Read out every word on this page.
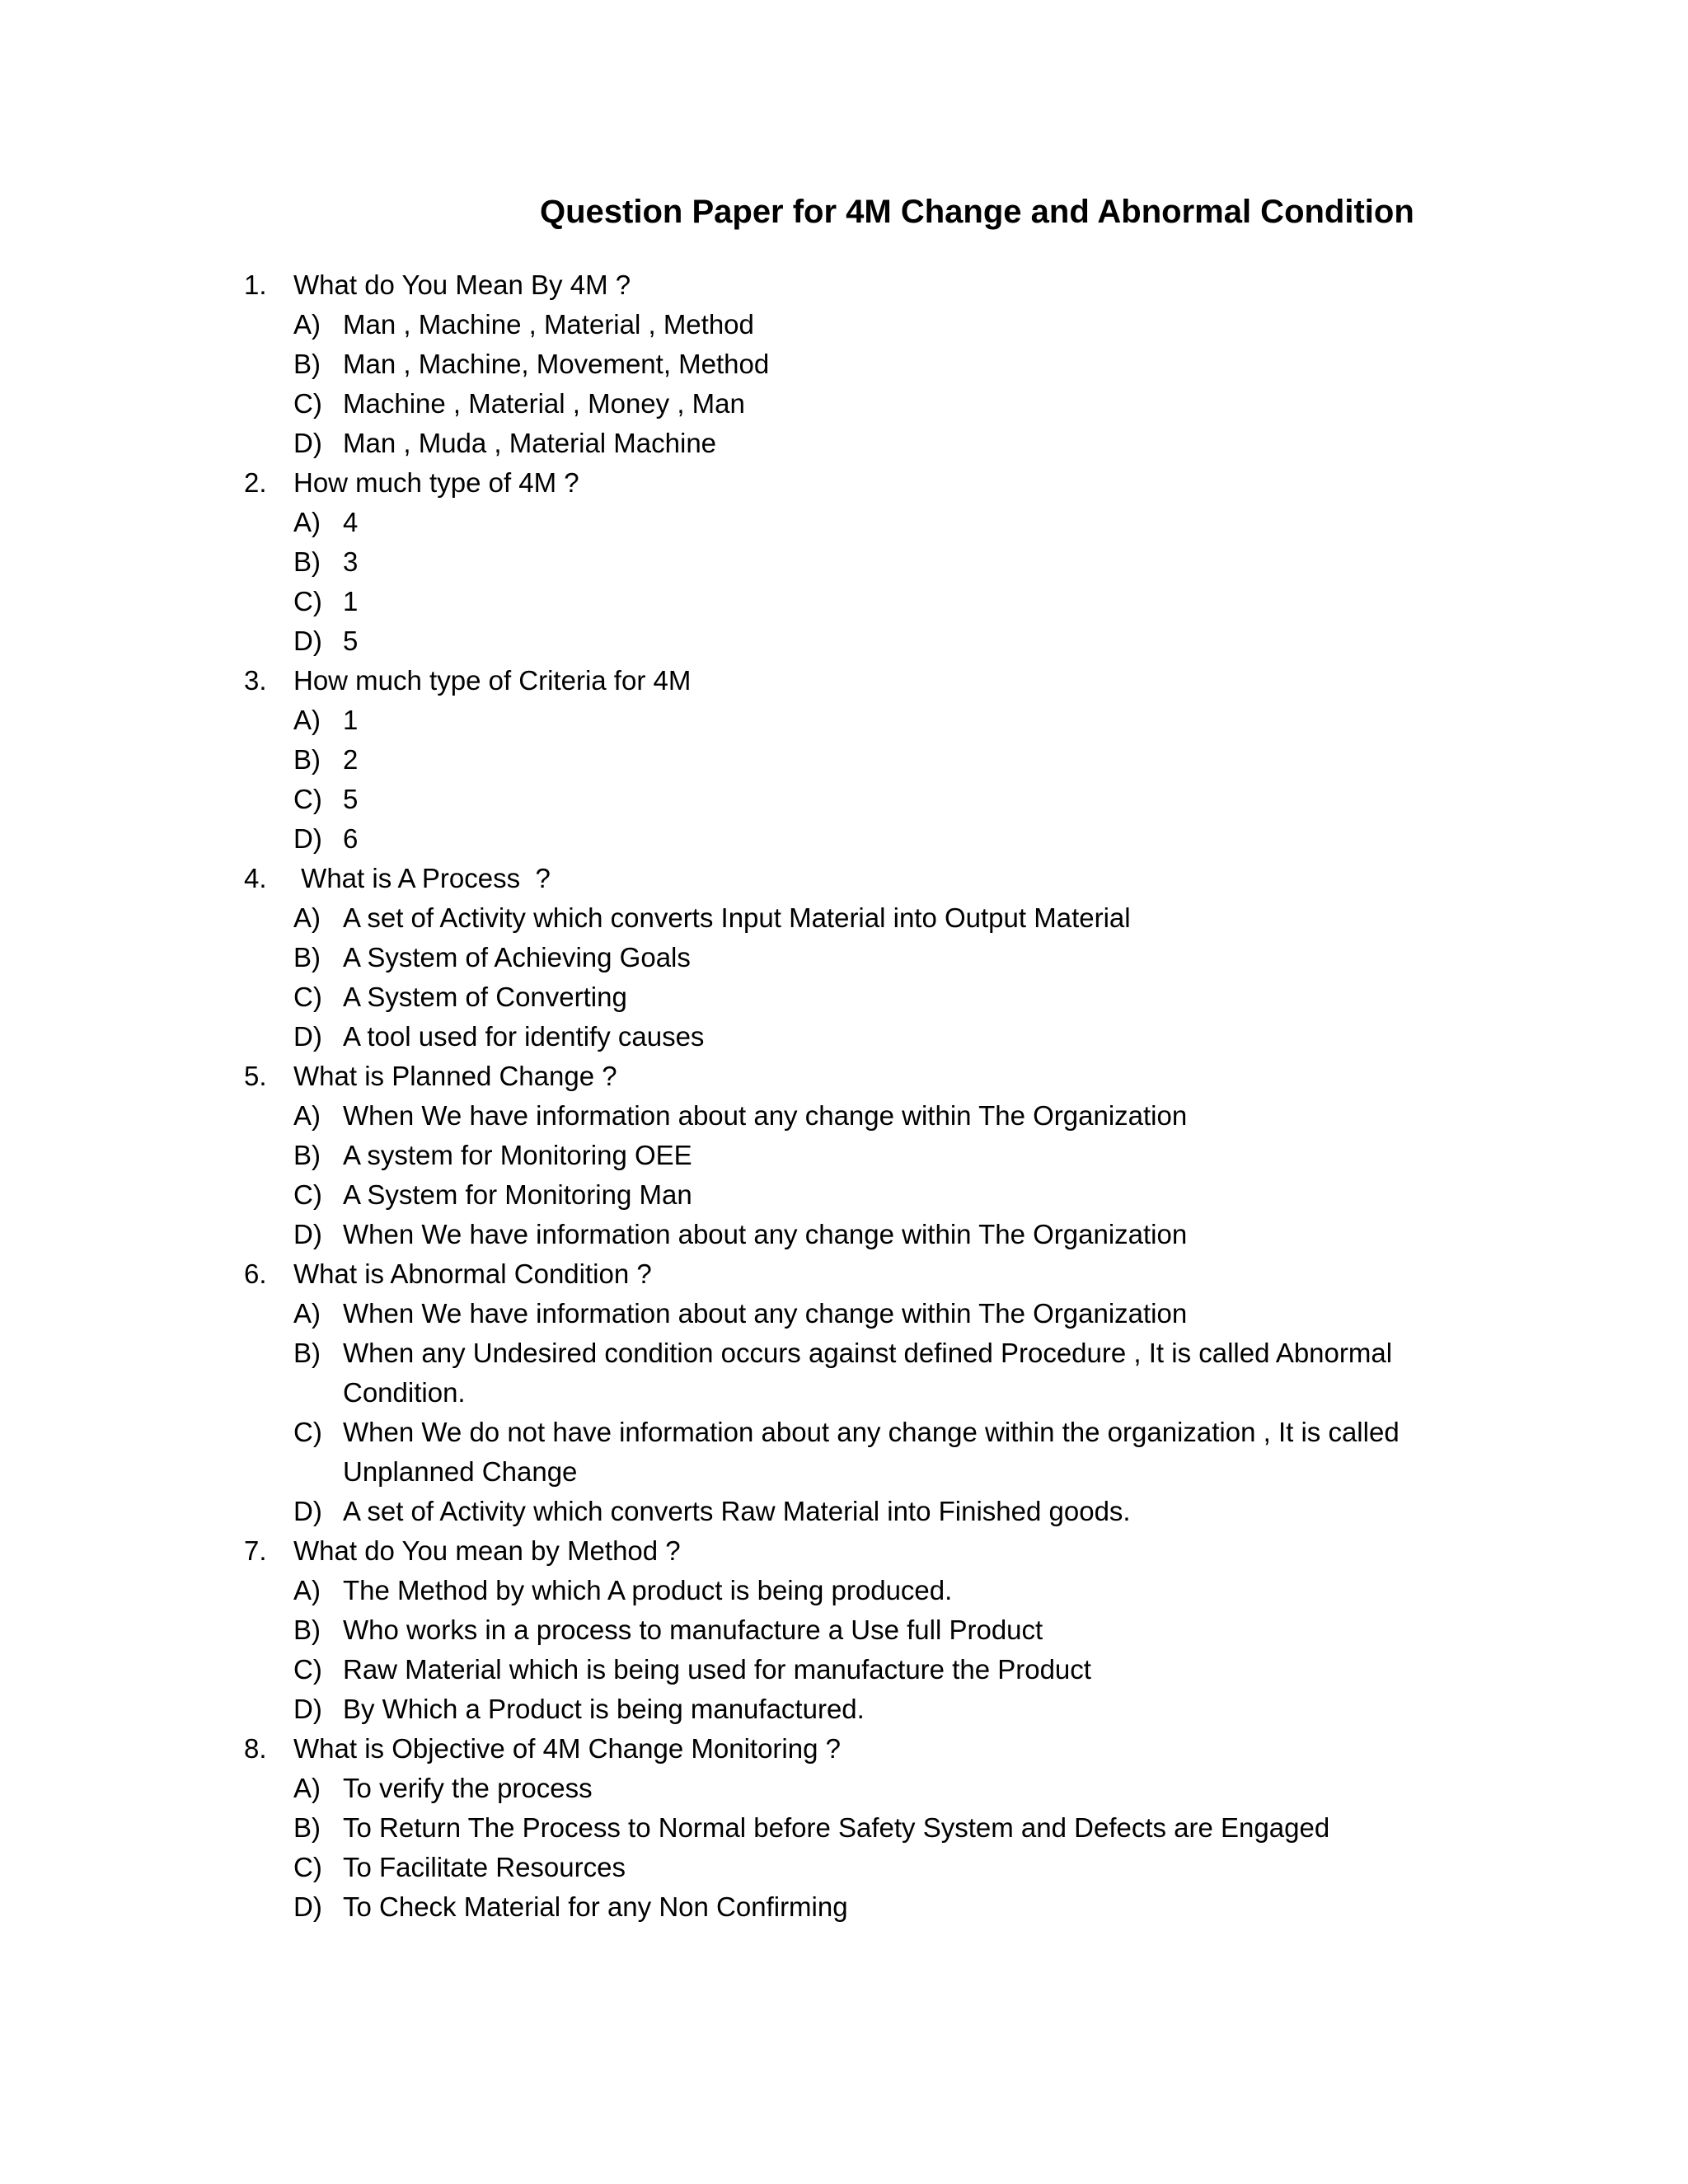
Question Paper for 4M Change and Abnormal Condition
1. What do You Mean By 4M ?
A) Man , Machine , Material , Method
B) Man , Machine, Movement, Method
C) Machine , Material , Money , Man
D) Man , Muda , Material Machine
2. How much type of 4M ?
A) 4
B) 3
C) 1
D) 5
3. How much type of Criteria for 4M
A) 1
B) 2
C) 5
D) 6
4. What is A Process  ?
A) A set of Activity which converts Input Material into Output Material
B) A System of Achieving Goals
C) A System of Converting
D) A tool used for identify causes
5. What is Planned Change ?
A) When We have information about any change within The Organization
B) A system for Monitoring OEE
C) A System for Monitoring Man
D) When We have information about any change within The Organization
6. What is Abnormal Condition ?
A) When We have information about any change within The Organization
B) When any Undesired condition occurs against defined Procedure , It is called Abnormal Condition.
C) When We do not have information about any change within the organization , It is called Unplanned Change
D) A set of Activity which converts Raw Material into Finished goods.
7. What do You mean by Method ?
A) The Method by which A product is being produced.
B) Who works in a process to manufacture a Use full Product
C) Raw Material which is being used for manufacture the Product
D) By Which a Product is being manufactured.
8. What is Objective of 4M Change Monitoring ?
A) To verify the process
B) To Return The Process to Normal before Safety System and Defects are Engaged
C) To Facilitate Resources
D) To Check Material for any Non Confirming
